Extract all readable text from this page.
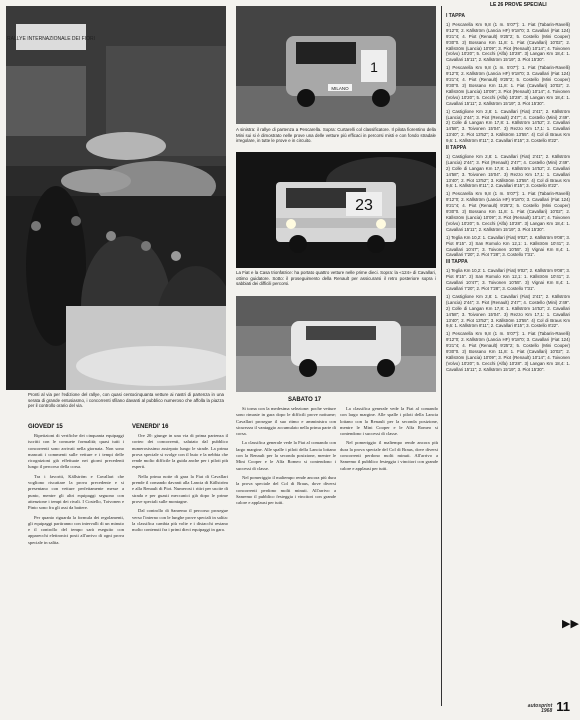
RALLYE INTERNAZIONALE DEI FIORI
1
MILANO
A sinistra: il rallye di partenza a Pescarella. Sopra: Curtarelli col classificatore. Il pilota fiorentino della Mini sui si è dimostrato nelle prove una delle vetture più efficaci in percorsi misti e con fondo stradale irregolare, in tutte le prove e in circuito.
23
La Fiat e la Casa trionfatrice: ha portato quattro vetture nelle prime dieci. Sopra: la «124» di Cavallari, ottimo guidatore. Sotto: il proseguimento della Renault per assicurarsi il retro posteriore sopra i sabbiati dei difficili percorsi.
Pronti al via per l'edizione del rallye, con quasi centocinquanta vetture ai nastri di partenza in una serata di grande entusiasmo, i concorrenti sfilano davanti al pubblico numeroso che affolla la piazza per il controllo orario del via.
GIOVEDI' 15

Ripetizioni di verifiche dei cinquanta equipaggi iscritti con le consuete formalità; quasi tutti i concorrenti sono arrivati nella giornata. Non sono mancati i commenti sulle vetture e i tempi delle ricognizioni già effettuate nei giorni precedenti lungo il percorso della corsa.

Tra i favoriti, Källström e Cavallari che vogliono riscattare la prova precedente e si presentano con vetture perfettamente messe a punto, mentre gli altri equipaggi seguono con attenzione i tempi dei rivali. I Costello, Toivonen e Pinto sono fra gli assi da battere.

Per quanto riguarda la formula dei regolamenti, gli equipaggi partiranno con intervalli di un minuto e il controllo del tempo sarà eseguito con apparecchi elettronici posti all'arrivo di ogni prova speciale in salita.

VENERDI' 16

Ore 20: giunge in una via di prima partenza il corteo dei concorrenti, salutato dal pubblico numerosissimo assiepato lungo le strade. La prima prova speciale si svolge con il buio e la nebbia che rende molto difficile la guida anche per i piloti più esperti.

Nella prima notte di gara la Fiat di Cavallari prende il comando davanti alla Lancia di Källström e alla Renault di Piot. Numerosi i ritiri per uscite di strada e per guasti meccanici già dopo le prime prove speciali sulle montagne.

Dal controllo di Sanremo il percorso prosegue verso l'interno con le lunghe prove speciali in salita: la classifica cambia più volte e i distacchi restano molto contenuti fra i primi dieci equipaggi in gara.

SABATO 17

Si torna con la medesima selezione: poche vetture sono rimaste in gara dopo le difficili prove notturne; Cavallari prosegue il suo ritmo e amministra con sicurezza il vantaggio accumulato nella prima parte di corsa.

La classifica generale vede la Fiat al comando con largo margine. Alle spalle i piloti della Lancia lottano con la Renault per la seconda posizione, mentre le Mini Cooper e le Alfa Romeo si contendono i successi di classe.

Nel pomeriggio il maltempo rende ancora più dura la prova speciale del Col di Braus, dove diversi concorrenti perdono molti minuti. All'arrivo a Sanremo il pubblico festeggia i vincitori con grande calore e applausi per tutti.

La classifica generale vede la Fiat al comando con largo margine. Alle spalle i piloti della Lancia lottano con la Renault per la seconda posizione, mentre le Mini Cooper e le Alfa Romeo si contendono i successi di classe.

Nel pomeriggio il maltempo rende ancora più dura la prova speciale del Col di Braus, dove diversi concorrenti perdono molti minuti. All'arrivo a Sanremo il pubblico festeggia i vincitori con grande calore e applausi per tutti.

LE 26 PROVE SPECIALI
I TAPPA

1) Pescarella Km 9,8 (1 m. 5'07"): 1. Fiat (Tabarin-Ravelli) 9'12"0; 2. Källström (Lancia HF) 9'18"0; 3. Cavallari (Fiat 124) 9'21"4; 4. Piot (Renault) 9'25"2; 5. Costello (Mini Cooper) 9'30"0. 2) Bossano Km 11,8: 1. Fiat (Cavallari) 10'02"; 2. Källström (Lancia) 10'09"; 3. Piot (Renault) 10'14"; 4. Toivonen (Volvo) 10'20"; 5. Cecchi (Alfa) 10'28". 3) Langan Km 18,4: 1. Cavallari 15'11"; 2. Källström 15'19"; 3. Piot 15'30".

1) Pescarella Km 9,8 (1 m. 5'07"): 1. Fiat (Tabarin-Ravelli) 9'12"0; 2. Källström (Lancia HF) 9'18"0; 3. Cavallari (Fiat 124) 9'21"4; 4. Piot (Renault) 9'25"2; 5. Costello (Mini Cooper) 9'30"0. 2) Bossano Km 11,8: 1. Fiat (Cavallari) 10'02"; 2. Källström (Lancia) 10'09"; 3. Piot (Renault) 10'14"; 4. Toivonen (Volvo) 10'20"; 5. Cecchi (Alfa) 10'28". 3) Langan Km 18,4: 1. Cavallari 15'11"; 2. Källström 15'19"; 3. Piot 15'30".

1) Castiglione Km 2,8: 1. Cavallari (Fiat) 2'41"; 2. Källström (Lancia) 2'44"; 3. Piot (Renault) 2'47"; 4. Costello (Mini) 2'49". 2) Colle di Langan Km 17,8: 1. Källström 14'52"; 2. Cavallari 14'58"; 3. Toivonen 15'04". 3) Rezzo Km 17,1: 1. Cavallari 13'40"; 2. Piot 13'52"; 3. Källström 13'55". 4) Col di Braus Km 9,6: 1. Källström 8'11"; 2. Cavallari 8'15"; 3. Costello 8'22".

II TAPPA

1) Castiglione Km 2,8: 1. Cavallari (Fiat) 2'41"; 2. Källström (Lancia) 2'44"; 3. Piot (Renault) 2'47"; 4. Costello (Mini) 2'49". 2) Colle di Langan Km 17,8: 1. Källström 14'52"; 2. Cavallari 14'58"; 3. Toivonen 15'04". 3) Rezzo Km 17,1: 1. Cavallari 13'40"; 2. Piot 13'52"; 3. Källström 13'55". 4) Col di Braus Km 9,6: 1. Källström 8'11"; 2. Cavallari 8'15"; 3. Costello 8'22".

1) Pescarella Km 9,8 (1 m. 5'07"): 1. Fiat (Tabarin-Ravelli) 9'12"0; 2. Källström (Lancia HF) 9'18"0; 3. Cavallari (Fiat 124) 9'21"4; 4. Piot (Renault) 9'25"2; 5. Costello (Mini Cooper) 9'30"0. 2) Bossano Km 11,8: 1. Fiat (Cavallari) 10'02"; 2. Källström (Lancia) 10'09"; 3. Piot (Renault) 10'14"; 4. Toivonen (Volvo) 10'20"; 5. Cecchi (Alfa) 10'28". 3) Langan Km 18,4: 1. Cavallari 15'11"; 2. Källström 15'19"; 3. Piot 15'30".

1) Teglia Km 10,2: 1. Cavallari (Fiat) 9'02"; 2. Källström 9'08"; 3. Piot 9'15". 2) San Romolo Km 12,1: 1. Källström 10'41"; 2. Cavallari 10'47"; 3. Toivonen 10'55". 3) Vignai Km 8,4: 1. Cavallari 7'20"; 2. Piot 7'28"; 3. Costello 7'31".

III TAPPA

1) Teglia Km 10,2: 1. Cavallari (Fiat) 9'02"; 2. Källström 9'08"; 3. Piot 9'15". 2) San Romolo Km 12,1: 1. Källström 10'41"; 2. Cavallari 10'47"; 3. Toivonen 10'55". 3) Vignai Km 8,4: 1. Cavallari 7'20"; 2. Piot 7'28"; 3. Costello 7'31".

1) Castiglione Km 2,8: 1. Cavallari (Fiat) 2'41"; 2. Källström (Lancia) 2'44"; 3. Piot (Renault) 2'47"; 4. Costello (Mini) 2'49". 2) Colle di Langan Km 17,8: 1. Källström 14'52"; 2. Cavallari 14'58"; 3. Toivonen 15'04". 3) Rezzo Km 17,1: 1. Cavallari 13'40"; 2. Piot 13'52"; 3. Källström 13'55". 4) Col di Braus Km 9,6: 1. Källström 8'11"; 2. Cavallari 8'15"; 3. Costello 8'22".

1) Pescarella Km 9,8 (1 m. 5'07"): 1. Fiat (Tabarin-Ravelli) 9'12"0; 2. Källström (Lancia HF) 9'18"0; 3. Cavallari (Fiat 124) 9'21"4; 4. Piot (Renault) 9'25"2; 5. Costello (Mini Cooper) 9'30"0. 2) Bossano Km 11,8: 1. Fiat (Cavallari) 10'02"; 2. Källström (Lancia) 10'09"; 3. Piot (Renault) 10'14"; 4. Toivonen (Volvo) 10'20"; 5. Cecchi (Alfa) 10'28". 3) Langan Km 18,4: 1. Cavallari 15'11"; 2. Källström 15'19"; 3. Piot 15'30".

▶▶
autosprint
1968 11
